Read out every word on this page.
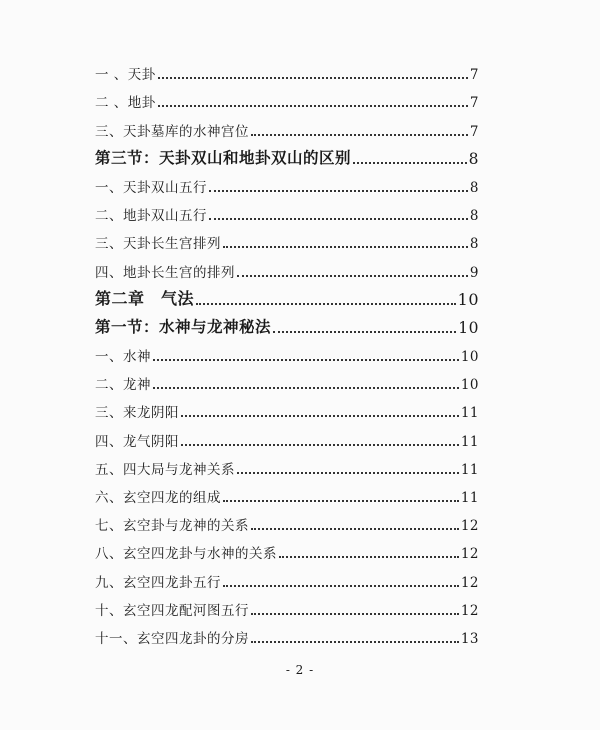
一 、天卦	7
二 、地卦	7
三、天卦墓库的水神宫位	7
第三节：天卦双山和地卦双山的区别	8
一、天卦双山五行	8
二、地卦双山五行	8
三、天卦长生宫排列	8
四、地卦长生宫的排列	9
第二章　气法	10
第一节：水神与龙神秘法	10
一、水神	10
二、龙神	10
三、来龙阴阳	11
四、龙气阴阳	11
五、四大局与龙神关系	11
六、玄空四龙的组成	11
七、玄空卦与龙神的关系	12
八、玄空四龙卦与水神的关系	12
九、玄空四龙卦五行	12
十、玄空四龙配河图五行	12
十一、玄空四龙卦的分房	13
- 2 -
